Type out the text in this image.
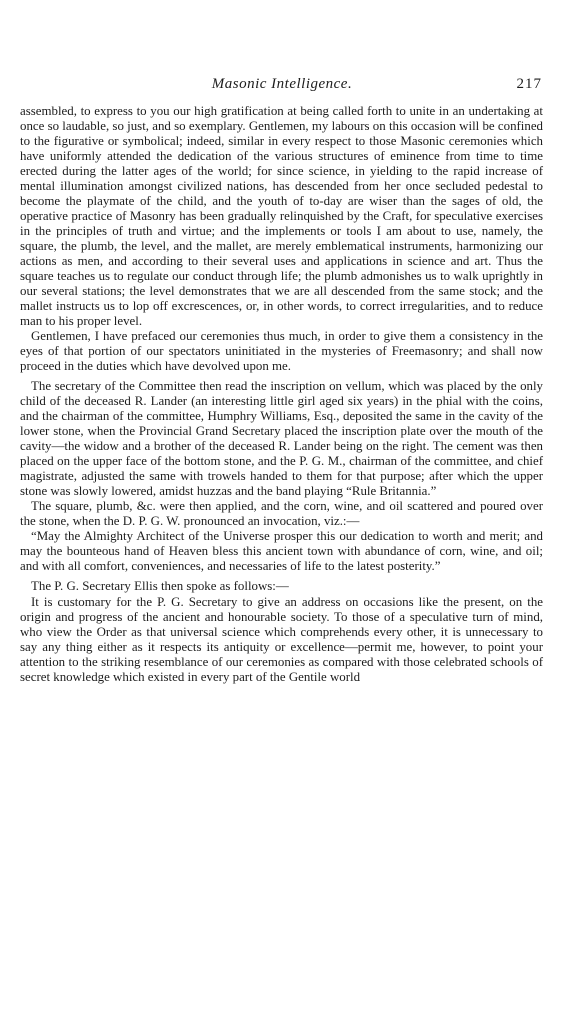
Masonic Intelligence.	217

assembled, to express to you our high gratification at being called forth to unite in an undertaking at once so laudable, so just, and so exemplary. Gentlemen, my labours on this occasion will be confined to the figurative or symbolical; indeed, similar in every respect to those Masonic ceremonies which have uniformly attended the dedication of the various structures of eminence from time to time erected during the latter ages of the world; for since science, in yielding to the rapid increase of mental illumination amongst civilized nations, has descended from her once secluded pedestal to become the playmate of the child, and the youth of to-day are wiser than the sages of old, the operative practice of Masonry has been gradually relinquished by the Craft, for speculative exercises in the principles of truth and virtue; and the implements or tools I am about to use, namely, the square, the plumb, the level, and the mallet, are merely emblematical instruments, harmonizing our actions as men, and according to their several uses and applications in science and art. Thus the square teaches us to regulate our conduct through life; the plumb admonishes us to walk uprightly in our several stations; the level demonstrates that we are all descended from the same stock; and the mallet instructs us to lop off excrescences, or, in other words, to correct irregularities, and to reduce man to his proper level.

Gentlemen, I have prefaced our ceremonies thus much, in order to give them a consistency in the eyes of that portion of our spectators uninitiated in the mysteries of Freemasonry; and shall now proceed in the duties which have devolved upon me.

The secretary of the Committee then read the inscription on vellum, which was placed by the only child of the deceased R. Lander (an interesting little girl aged six years) in the phial with the coins, and the chairman of the committee, Humphry Williams, Esq., deposited the same in the cavity of the lower stone, when the Provincial Grand Secretary placed the inscription plate over the mouth of the cavity—the widow and a brother of the deceased R. Lander being on the right. The cement was then placed on the upper face of the bottom stone, and the P. G. M., chairman of the committee, and chief magistrate, adjusted the same with trowels handed to them for that purpose; after which the upper stone was slowly lowered, amidst huzzas and the band playing “Rule Britannia.”

The square, plumb, &c. were then applied, and the corn, wine, and oil scattered and poured over the stone, when the D. P. G. W. pronounced an invocation, viz.:—

“May the Almighty Architect of the Universe prosper this our dedication to worth and merit; and may the bounteous hand of Heaven bless this ancient town with abundance of corn, wine, and oil; and with all comfort, conveniences, and necessaries of life to the latest posterity.”

The P. G. Secretary Ellis then spoke as follows:—

It is customary for the P. G. Secretary to give an address on occasions like the present, on the origin and progress of the ancient and honourable society. To those of a speculative turn of mind, who view the Order as that universal science which comprehends every other, it is unnecessary to say any thing either as it respects its antiquity or excellence—permit me, however, to point your attention to the striking resemblance of our ceremonies as compared with those celebrated schools of secret knowledge which existed in every part of the Gentile world
